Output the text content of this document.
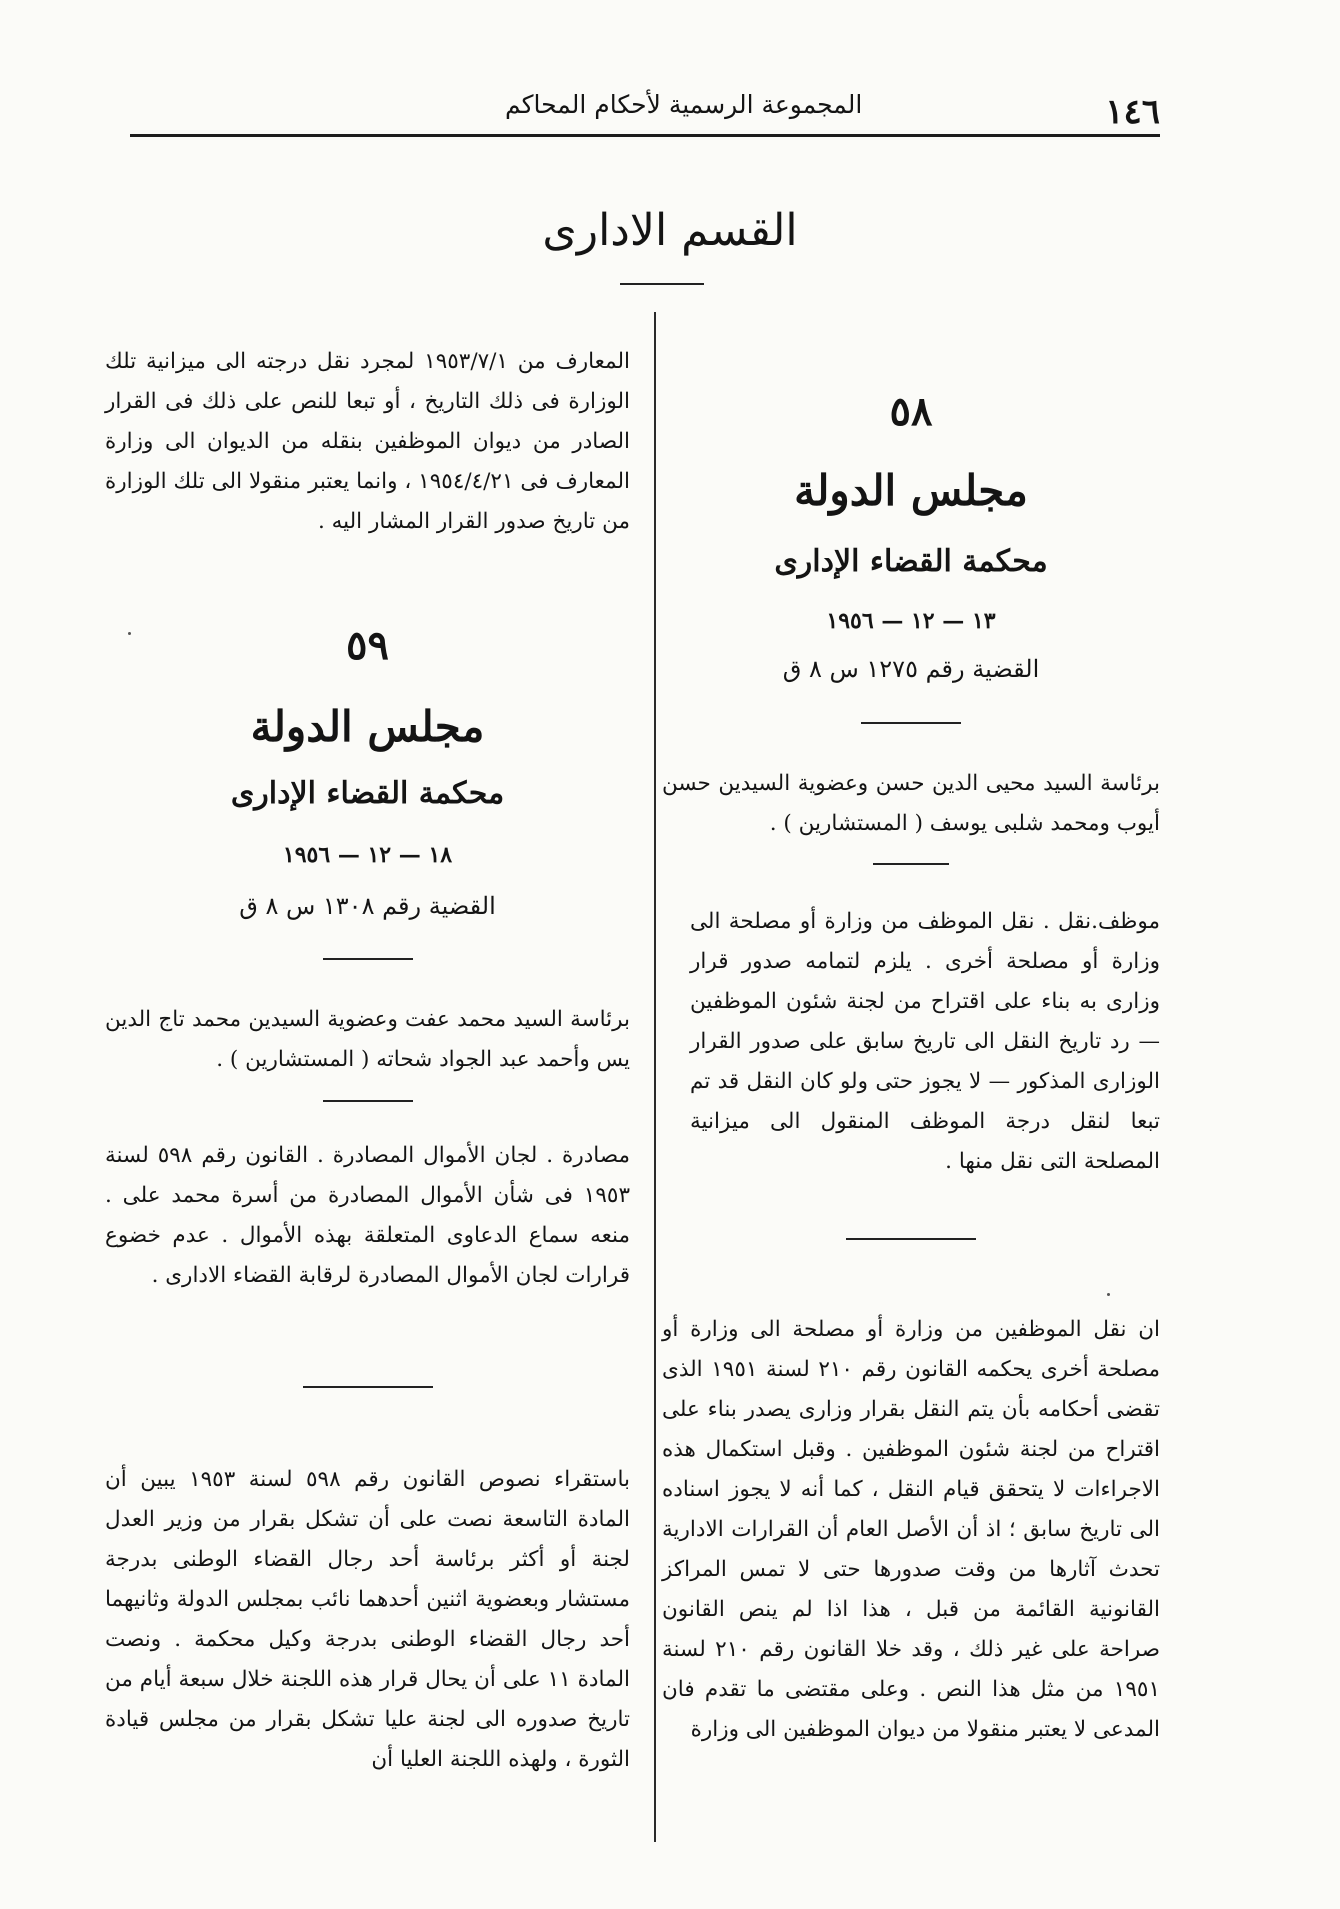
المجموعة الرسمية لأحكام المحاكم	١٤٦
القسم الادارى
٥٨
مجلس الدولة
محكمة القضاء الإدارى
١٣ — ١٢ — ١٩٥٦
القضية رقم ١٢٧٥ س ٨ ق

برئاسة السيد محيى الدين حسن وعضوية السيدين حسن أيوب ومحمد شلبى يوسف ( المستشارين ) .

موظف.نقل . نقل الموظف من وزارة أو مصلحة الى وزارة أو مصلحة أخرى . يلزم لتمامه صدور قرار وزارى به بناء على اقتراح من لجنة شئون الموظفين — رد تاريخ النقل الى تاريخ سابق على صدور القرار الوزارى المذكور — لا يجوز حتى ولو كان النقل قد تم تبعا لنقل درجة الموظف المنقول الى ميزانية المصلحة التى نقل منها .

ان نقل الموظفين من وزارة أو مصلحة الى وزارة أو مصلحة أخرى يحكمه القانون رقم ٢١٠ لسنة ١٩٥١ الذى تقضى أحكامه بأن يتم النقل بقرار وزارى يصدر بناء على اقتراح من لجنة شئون الموظفين . وقبل استكمال هذه الاجراءات لا يتحقق قيام النقل ، كما أنه لا يجوز اسناده الى تاريخ سابق ؛ اذ أن الأصل العام أن القرارات الادارية تحدث آثارها من وقت صدورها حتى لا تمس المراكز القانونية القائمة من قبل ، هذا اذا لم ينص القانون صراحة على غير ذلك ، وقد خلا القانون رقم ٢١٠ لسنة ١٩٥١ من مثل هذا النص . وعلى مقتضى ما تقدم فان المدعى لا يعتبر منقولا من ديوان الموظفين الى وزارة

المعارف من ١٩٥٣/٧/١ لمجرد نقل درجته الى ميزانية تلك الوزارة فى ذلك التاريخ ، أو تبعا للنص على ذلك فى القرار الصادر من ديوان الموظفين بنقله من الديوان الى وزارة المعارف فى ١٩٥٤/٤/٢١ ، وانما يعتبر منقولا الى تلك الوزارة من تاريخ صدور القرار المشار اليه .

٥٩
مجلس الدولة
محكمة القضاء الإدارى
١٨ — ١٢ — ١٩٥٦
القضية رقم ١٣٠٨ س ٨ ق

برئاسة السيد محمد عفت وعضوية السيدين محمد تاج الدين يس وأحمد عبد الجواد شحاته ( المستشارين ) .

مصادرة . لجان الأموال المصادرة . القانون رقم ٥٩٨ لسنة ١٩٥٣ فى شأن الأموال المصادرة من أسرة محمد على . منعه سماع الدعاوى المتعلقة بهذه الأموال . عدم خضوع قرارات لجان الأموال المصادرة لرقابة القضاء الادارى .

باستقراء نصوص القانون رقم ٥٩٨ لسنة ١٩٥٣ يبين أن المادة التاسعة نصت على أن تشكل بقرار من وزير العدل لجنة أو أكثر برئاسة أحد رجال القضاء الوطنى بدرجة مستشار وبعضوية اثنين أحدهما نائب بمجلس الدولة وثانيهما أحد رجال القضاء الوطنى بدرجة وكيل محكمة . ونصت المادة ١١ على أن يحال قرار هذه اللجنة خلال سبعة أيام من تاريخ صدوره الى لجنة عليا تشكل بقرار من مجلس قيادة الثورة ، ولهذه اللجنة العليا أن
